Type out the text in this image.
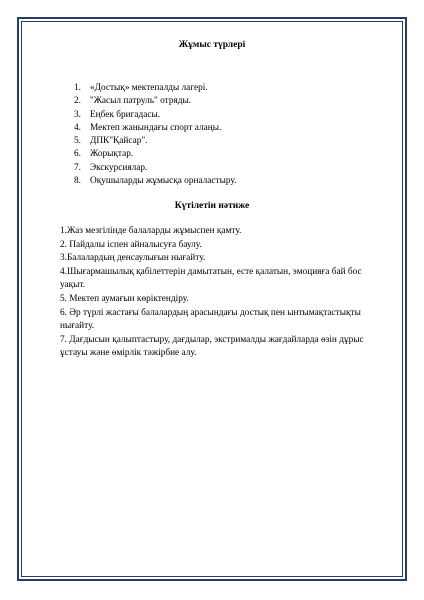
Жұмыс түрлері
1. «Достық» мектепалды лагері.
2. "Жасыл патруль" отряды.
3. Еңбек бригадасы.
4. Мектеп жанындағы спорт алаңы.
5. ДПК"Қайсар".
6. Жорықтар.
7. Экскурсиялар.
8. Оқушыларды жұмысқа орналастыру.
Күтілетін нәтиже

1.Жаз мезгілінде балаларды жұмыспен қамту.

2. Пайдалы іспен айналысуға баулу.

3.Балалардың денсаулығын нығайту.

4.Шығармашылық қабілеттерін дамытатын, есте қалатын, эмоцияға бай бос уақыт.

5. Мектеп аумағын көріктендіру.

6. Әр түрлі жастағы балалардың арасындағы достық пен ынтымақтастықты нығайту.

7. Дағдысын қалыптастыру, дағдылар, экстрималды жағдайларда өзін дұрыс ұстауы және өмірлік тәжірбие алу.
